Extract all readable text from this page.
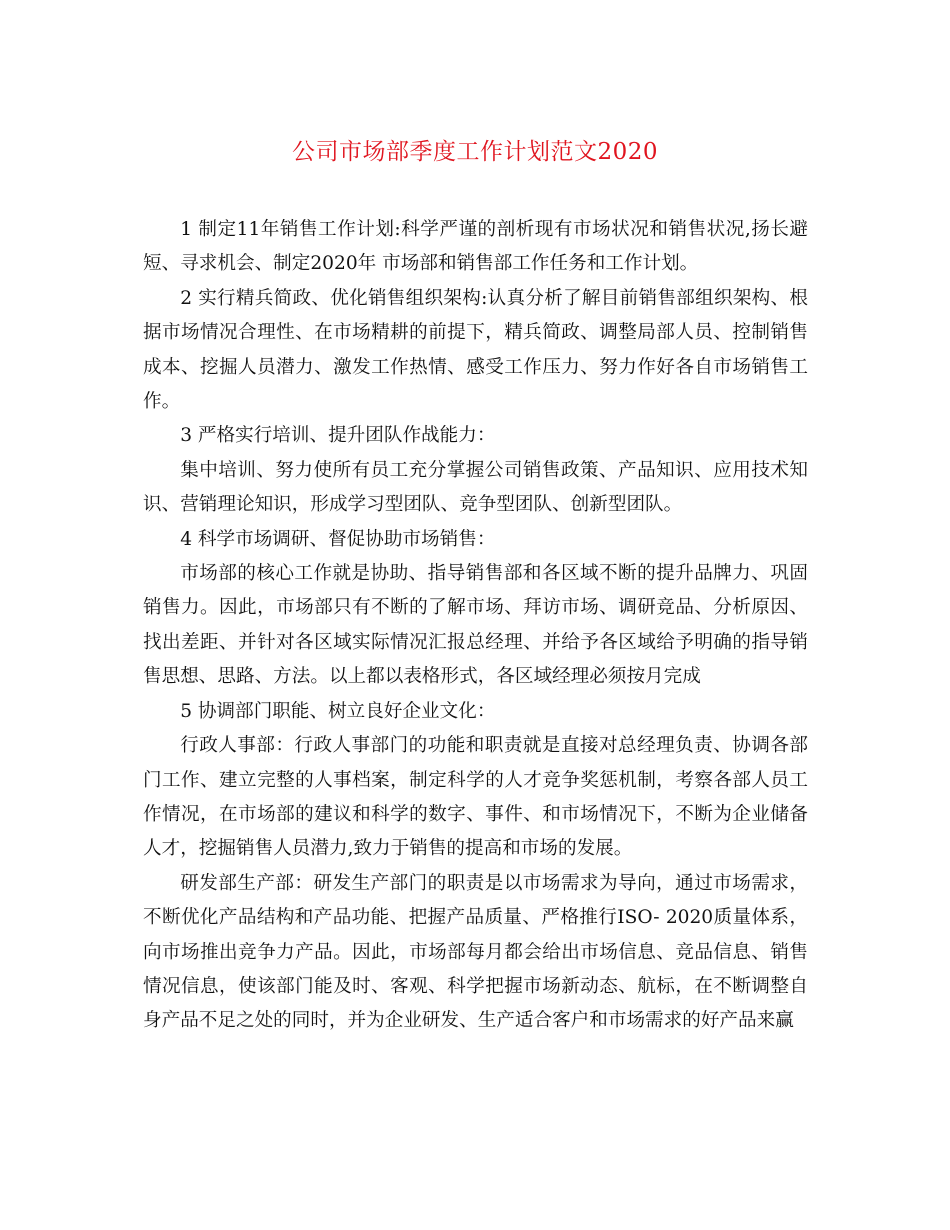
公司市场部季度工作计划范文2020

1 制定11年销售工作计划:科学严谨的剖析现有市场状况和销售状况,扬长避短、寻求机会、制定2020年 市场部和销售部工作任务和工作计划。

2 实行精兵简政、优化销售组织架构:认真分析了解目前销售部组织架构、根据市场情况合理性、在市场精耕的前提下，精兵简政、调整局部人员、控制销售成本、挖掘人员潜力、激发工作热情、感受工作压力、努力作好各自市场销售工作。

3 严格实行培训、提升团队作战能力：

集中培训、努力使所有员工充分掌握公司销售政策、产品知识、应用技术知识、营销理论知识，形成学习型团队、竞争型团队、创新型团队。

4 科学市场调研、督促协助市场销售：

市场部的核心工作就是协助、指导销售部和各区域不断的提升品牌力、巩固销售力。因此，市场部只有不断的了解市场、拜访市场、调研竞品、分析原因、找出差距、并针对各区域实际情况汇报总经理、并给予各区域给予明确的指导销售思想、思路、方法。以上都以表格形式，各区域经理必须按月完成

5 协调部门职能、树立良好企业文化：

行政人事部：行政人事部门的功能和职责就是直接对总经理负责、协调各部门工作、建立完整的人事档案，制定科学的人才竞争奖惩机制，考察各部人员工作情况，在市场部的建议和科学的数字、事件、和市场情况下，不断为企业储备人才，挖掘销售人员潜力,致力于销售的提高和市场的发展。

研发部生产部：研发生产部门的职责是以市场需求为导向，通过市场需求，不断优化产品结构和产品功能、把握产品质量、严格推行ISO- 2020质量体系，向市场推出竞争力产品。因此，市场部每月都会给出市场信息、竞品信息、销售情况信息，使该部门能及时、客观、科学把握市场新动态、航标，在不断调整自身产品不足之处的同时，并为企业研发、生产适合客户和市场需求的好产品来赢
